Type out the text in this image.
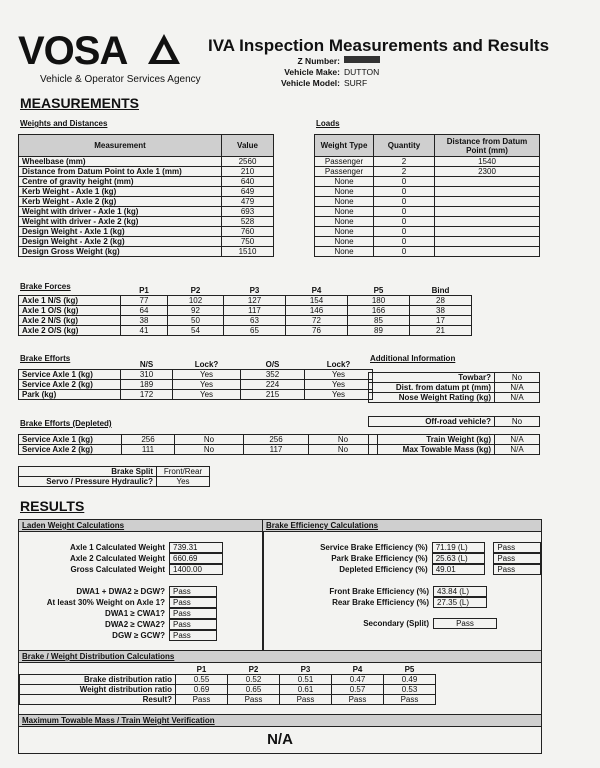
VOSA
Vehicle & Operator Services Agency
IVA Inspection Measurements and Results
Z Number:
Vehicle Make: DUTTON
Vehicle Model: SURF
MEASUREMENTS
Weights and Distances	Loads
Measurement	Value
Wheelbase (mm)	2560
Distance from Datum Point to Axle 1 (mm)	210
Centre of gravity height (mm)	640
Kerb Weight - Axle 1 (kg)	649
Kerb Weight - Axle 2 (kg)	479
Weight with driver - Axle 1 (kg)	693
Weight with driver - Axle 2 (kg)	528
Design Weight - Axle 1 (kg)	760
Design Weight - Axle 2 (kg)	750
Design Gross Weight (kg)	1510
Weight Type	Quantity	Distance from Datum Point (mm)
Passenger	2	1540
Passenger	2	2300
None	0	
None	0	
None	0	
None	0	
None	0	
None	0	
None	0	
None	0	
Brake Forces
		P1	P2	P3	P4	P5	Bind
Axle 1 N/S (kg)	77	102	127	154	180	28
Axle 1 O/S (kg)	64	92	117	146	166	38
Axle 2 N/S (kg)	38	50	63	72	85	17
Axle 2 O/S (kg)	41	54	65	76	89	21
Brake Efforts
	N/S	Lock?	O/S	Lock?
Service Axle 1 (kg)	310	Yes	352	Yes
Service Axle 2 (kg)	189	Yes	224	Yes
Park (kg)	172	Yes	215	Yes
Additional Information
Towbar?	No
Dist. from datum pt (mm)	N/A
Nose Weight Rating (kg)	N/A
Brake Efforts (Depleted)
Service Axle 1 (kg)	256	No	256	No
Service Axle 2 (kg)	111	No	117	No
Off-road vehicle?	No
Train Weight (kg)	N/A
Max Towable Mass (kg)	N/A
Brake Split	Front/Rear
Servo / Pressure Hydraulic?	Yes
RESULTS
Laden Weight Calculations
Axle 1 Calculated Weight	739.31
Axle 2 Calculated Weight	660.69
Gross Calculated Weight	1400.00
DWA1 + DWA2 ≥ DGW?	Pass
At least 30% Weight on Axle 1?	Pass
DWA1 ≥ CWA1?	Pass
DWA2 ≥ CWA2?	Pass
DGW ≥ GCW?	Pass
Brake Efficiency Calculations
Service Brake Efficiency (%)	71.19 (L)	Pass
Park Brake Efficiency (%)	25.63 (L)	Pass
Depleted Efficiency (%)	49.01	Pass
Front Brake Efficiency (%)	43.84 (L)
Rear Brake Efficiency (%)	27.35 (L)
Secondary (Split)	Pass
Brake / Weight Distribution Calculations
	P1	P2	P3	P4	P5
Brake distribution ratio	0.55	0.52	0.51	0.47	0.49
Weight distribution ratio	0.69	0.65	0.61	0.57	0.53
Result?	Pass	Pass	Pass	Pass	Pass
Maximum Towable Mass / Train Weight Verification
N/A
